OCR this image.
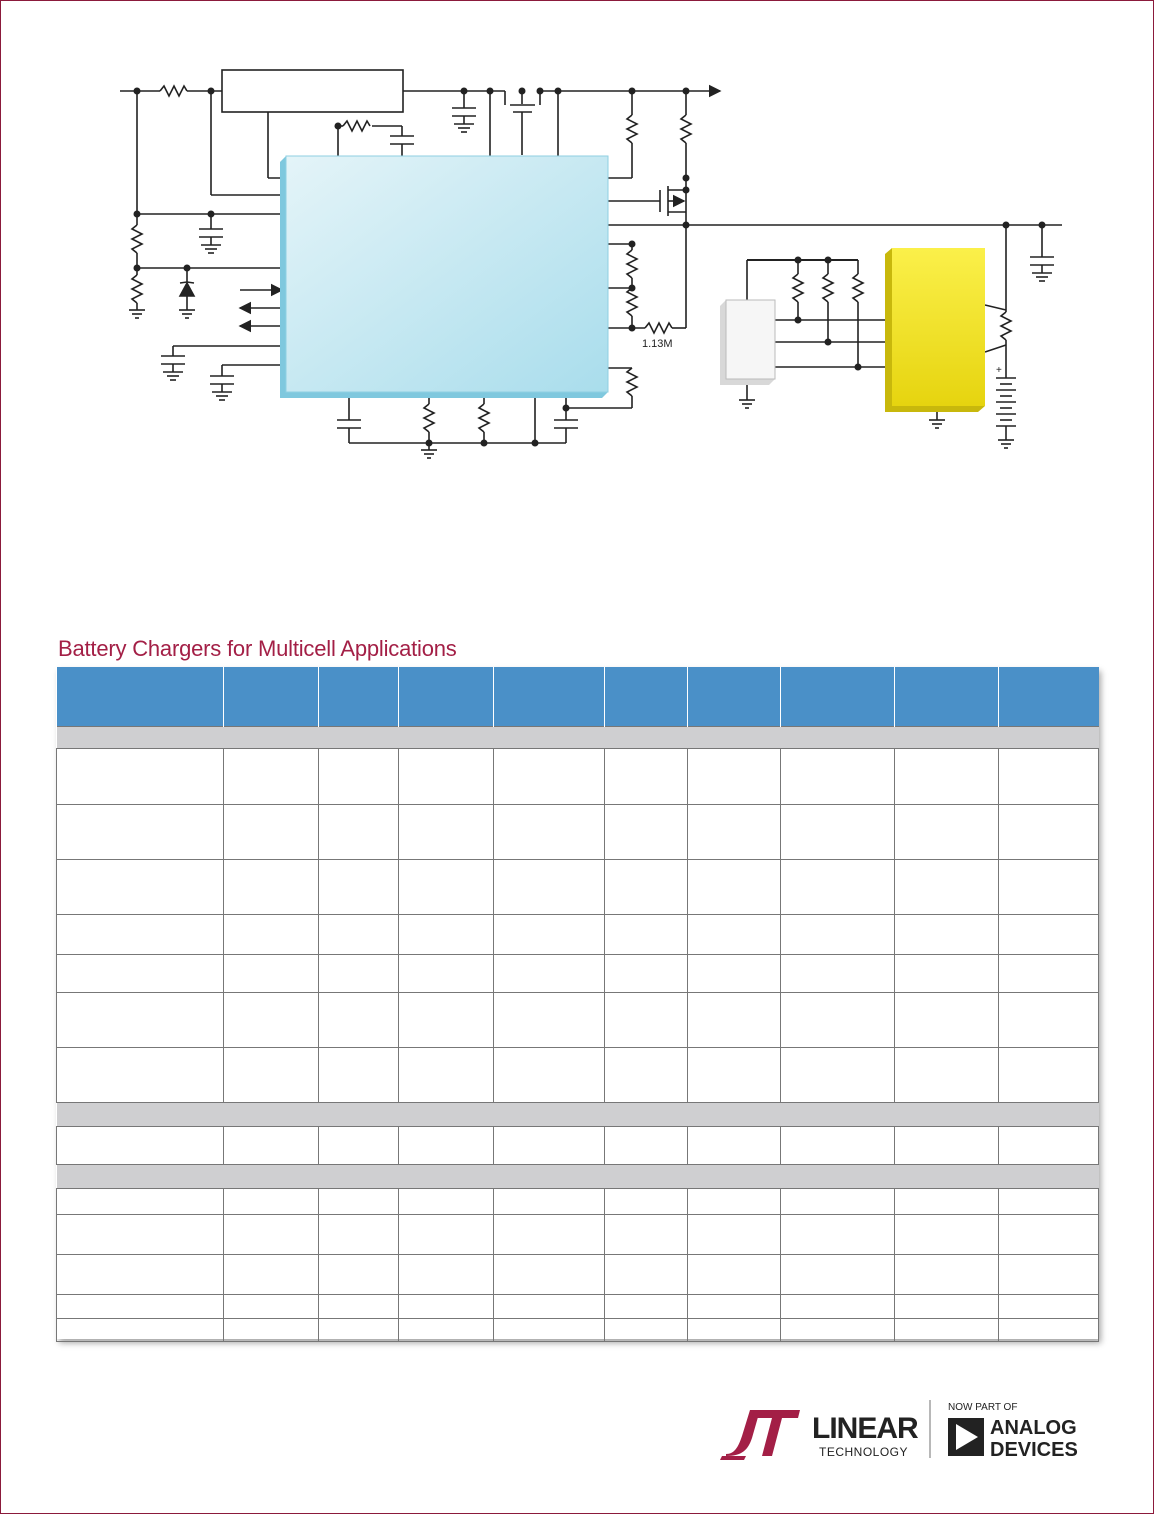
1.13M
+
Battery Chargers for Multicell Applications

LINEAR
TECHNOLOGY
NOW PART OF
ANALOG
DEVICES
